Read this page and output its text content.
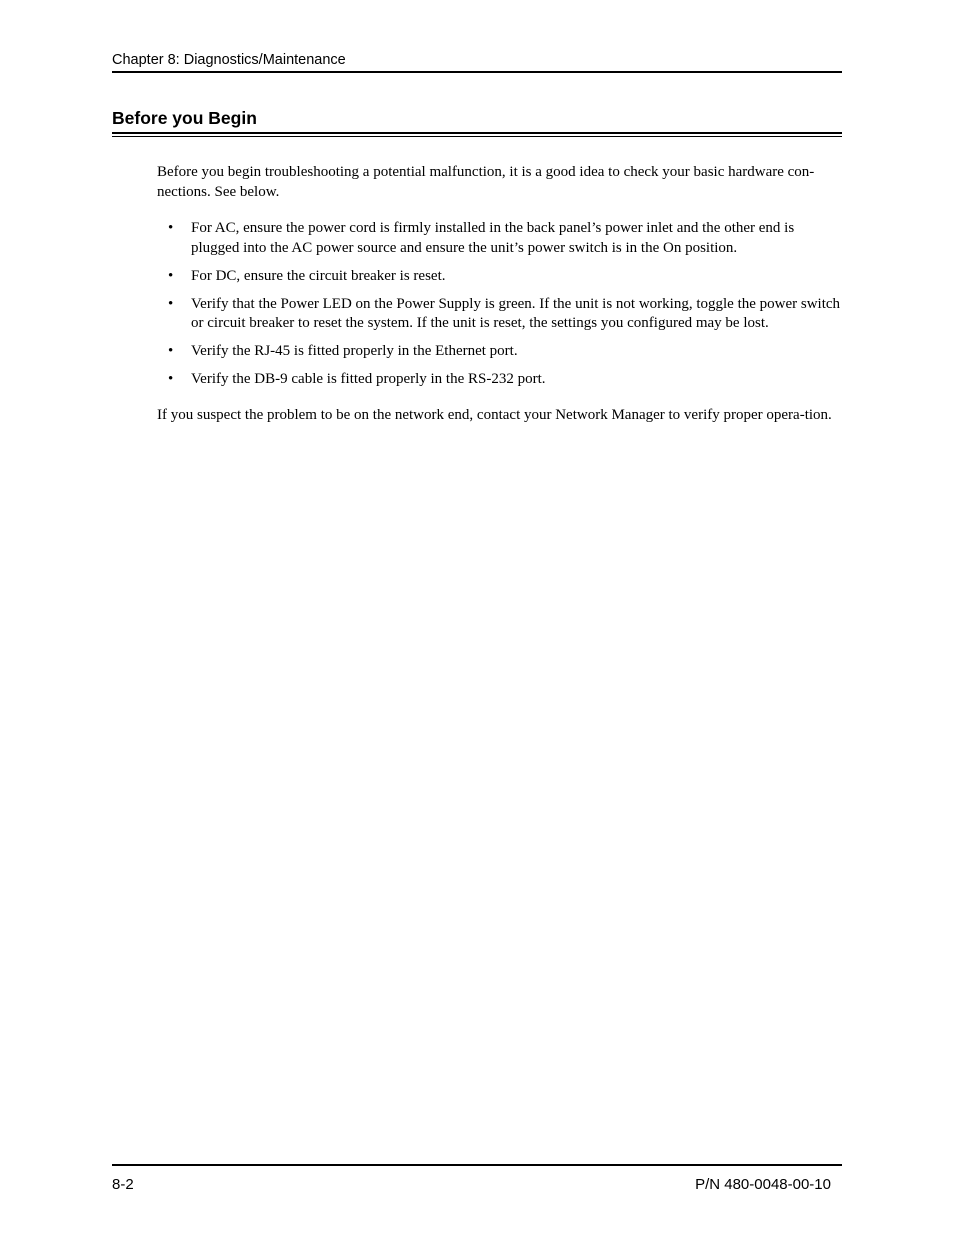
Chapter 8: Diagnostics/Maintenance
Before you Begin

Before you begin troubleshooting a potential malfunction, it is a good idea to check your basic hardware con-nections. See below.

• For AC, ensure the power cord is firmly installed in the back panel’s power inlet and the other end is plugged into the AC power source and ensure the unit’s power switch is in the On position.
• For DC, ensure the circuit breaker is reset.
• Verify that the Power LED on the Power Supply is green. If the unit is not working, toggle the power switch or circuit breaker to reset the system. If the unit is reset, the settings you configured may be lost.
• Verify the RJ-45 is fitted properly in the Ethernet port.
• Verify the DB-9 cable is fitted properly in the RS-232 port.

If you suspect the problem to be on the network end, contact your Network Manager to verify proper opera-tion.

8-2	P/N 480-0048-00-10
